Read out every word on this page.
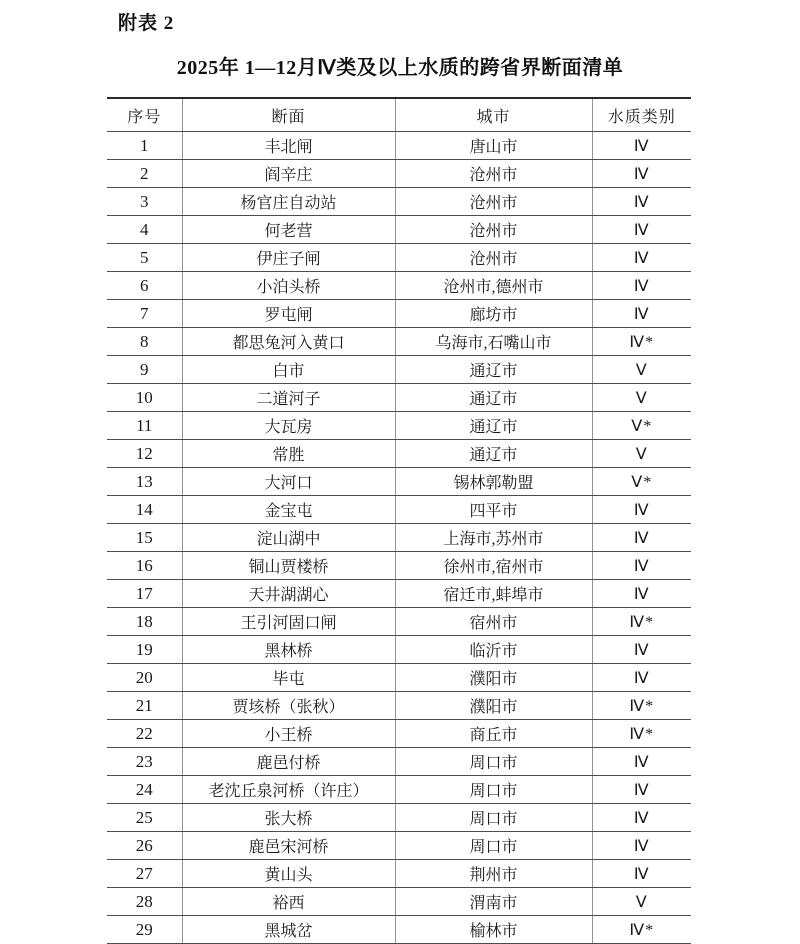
附表 2
2025年 1—12月Ⅳ类及以上水质的跨省界断面清单
序号	断面	城市	水质类别
1	丰北闸	唐山市	Ⅳ
2	阎辛庄	沧州市	Ⅳ
3	杨官庄自动站	沧州市	Ⅳ
4	何老营	沧州市	Ⅳ
5	伊庄子闸	沧州市	Ⅳ
6	小泊头桥	沧州市,德州市	Ⅳ
7	罗屯闸	廊坊市	Ⅳ
8	都思兔河入黄口	乌海市,石嘴山市	Ⅳ*
9	白市	通辽市	Ⅴ
10	二道河子	通辽市	Ⅴ
11	大瓦房	通辽市	Ⅴ*
12	常胜	通辽市	Ⅴ
13	大河口	锡林郭勒盟	Ⅴ*
14	金宝屯	四平市	Ⅳ
15	淀山湖中	上海市,苏州市	Ⅳ
16	铜山贾楼桥	徐州市,宿州市	Ⅳ
17	天井湖湖心	宿迁市,蚌埠市	Ⅳ
18	王引河固口闸	宿州市	Ⅳ*
19	黑林桥	临沂市	Ⅳ
20	毕屯	濮阳市	Ⅳ
21	贾垓桥（张秋）	濮阳市	Ⅳ*
22	小王桥	商丘市	Ⅳ*
23	鹿邑付桥	周口市	Ⅳ
24	老沈丘泉河桥（许庄）	周口市	Ⅳ
25	张大桥	周口市	Ⅳ
26	鹿邑宋河桥	周口市	Ⅳ
27	黄山头	荆州市	Ⅳ
28	裕西	渭南市	Ⅴ
29	黑城岔	榆林市	Ⅳ*
